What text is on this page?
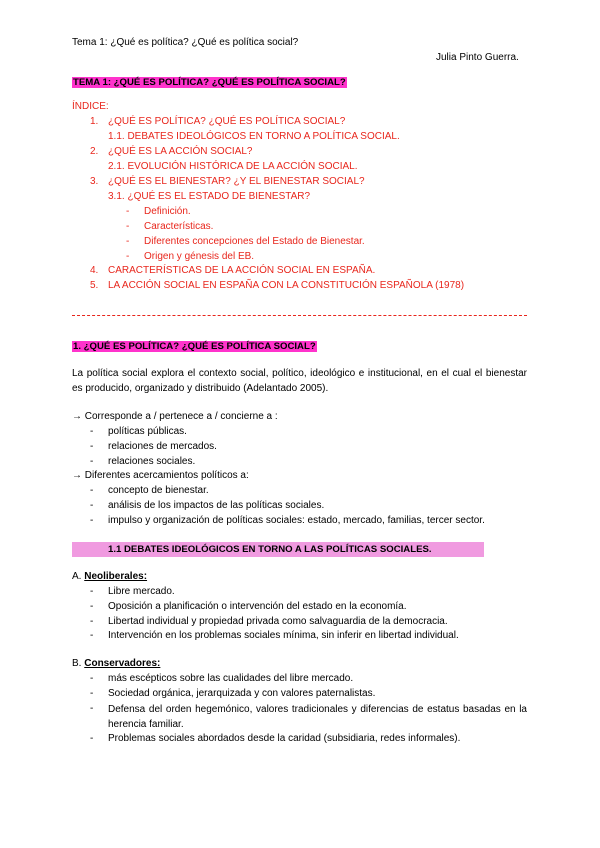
Tema 1: ¿Qué es política? ¿Qué es política social?
Julia Pinto Guerra.
TEMA 1: ¿QUÉ ES POLÍTICA? ¿QUÉ ES POLÍTICA SOCIAL?
ÍNDICE:
1. ¿QUÉ ES POLÍTICA? ¿QUÉ ES POLÍTICA SOCIAL?
1.1. DEBATES IDEOLÓGICOS EN TORNO A POLÍTICA SOCIAL.
2. ¿QUÉ ES LA ACCIÓN SOCIAL?
2.1. EVOLUCIÓN HISTÓRICA DE LA ACCIÓN SOCIAL.
3. ¿QUÉ ES EL BIENESTAR? ¿Y EL BIENESTAR SOCIAL?
3.1. ¿QUÉ ES EL ESTADO DE BIENESTAR?
- Definición.
- Características.
- Diferentes concepciones del Estado de Bienestar.
- Origen y génesis del EB.
4. CARACTERÍSTICAS DE LA ACCIÓN SOCIAL EN ESPAÑA.
5. LA ACCIÓN SOCIAL EN ESPAÑA CON LA CONSTITUCIÓN ESPAÑOLA (1978)
1. ¿QUÉ ES POLÍTICA? ¿QUÉ ES POLÍTICA SOCIAL?
La política social explora el contexto social, político, ideológico e institucional, en el cual el bienestar es producido, organizado y distribuido (Adelantado 2005).
→ Corresponde a / pertenece a / concierne a :
- políticas públicas.
- relaciones de mercados.
- relaciones sociales.
→ Diferentes acercamientos políticos a:
- concepto de bienestar.
- análisis de los impactos de las políticas sociales.
- impulso y organización de políticas sociales: estado, mercado, familias, tercer sector.
1.1 DEBATES IDEOLÓGICOS EN TORNO A LAS POLÍTICAS SOCIALES.
A. Neoliberales:
- Libre mercado.
- Oposición a planificación o intervención del estado en la economía.
- Libertad individual y propiedad privada como salvaguardia de la democracia.
- Intervención en los problemas sociales mínima, sin inferir en libertad individual.
B. Conservadores:
- más escépticos sobre las cualidades del libre mercado.
- Sociedad orgánica, jerarquizada y con valores paternalistas.
-	Defensa del orden hegemónico, valores tradicionales y diferencias de estatus basadas en la herencia familiar.
- Problemas sociales abordados desde la caridad (subsidiaria, redes informales).
